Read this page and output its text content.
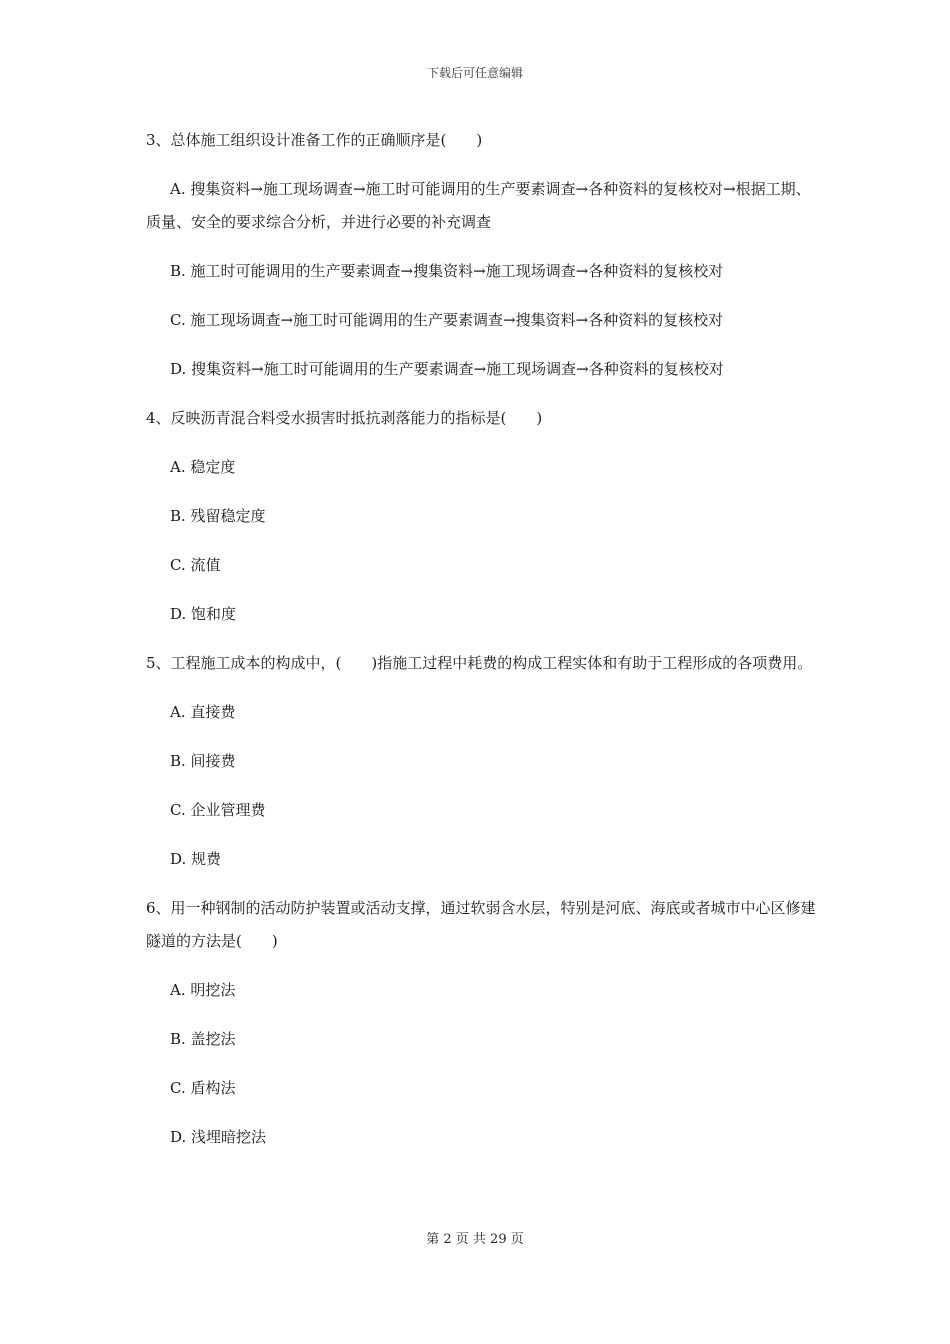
下载后可任意编辑

3、总体施工组织设计准备工作的正确顺序是(　　)

A. 搜集资料→施工现场调查→施工时可能调用的生产要素调查→各种资料的复核校对→根据工期、质量、安全的要求综合分析，并进行必要的补充调查

B. 施工时可能调用的生产要素调查→搜集资料→施工现场调查→各种资料的复核校对

C. 施工现场调查→施工时可能调用的生产要素调查→搜集资料→各种资料的复核校对

D. 搜集资料→施工时可能调用的生产要素调查→施工现场调查→各种资料的复核校对

4、反映沥青混合料受水损害时抵抗剥落能力的指标是(　　)

A. 稳定度

B. 残留稳定度

C. 流值

D. 饱和度

5、工程施工成本的构成中，(　　)指施工过程中耗费的构成工程实体和有助于工程形成的各项费用。

A. 直接费

B. 间接费

C. 企业管理费

D. 规费

6、用一种钢制的活动防护装置或活动支撑，通过软弱含水层，特别是河底、海底或者城市中心区修建隧道的方法是(　　)

A. 明挖法

B. 盖挖法

C. 盾构法

D. 浅埋暗挖法

第 2 页 共 29 页
